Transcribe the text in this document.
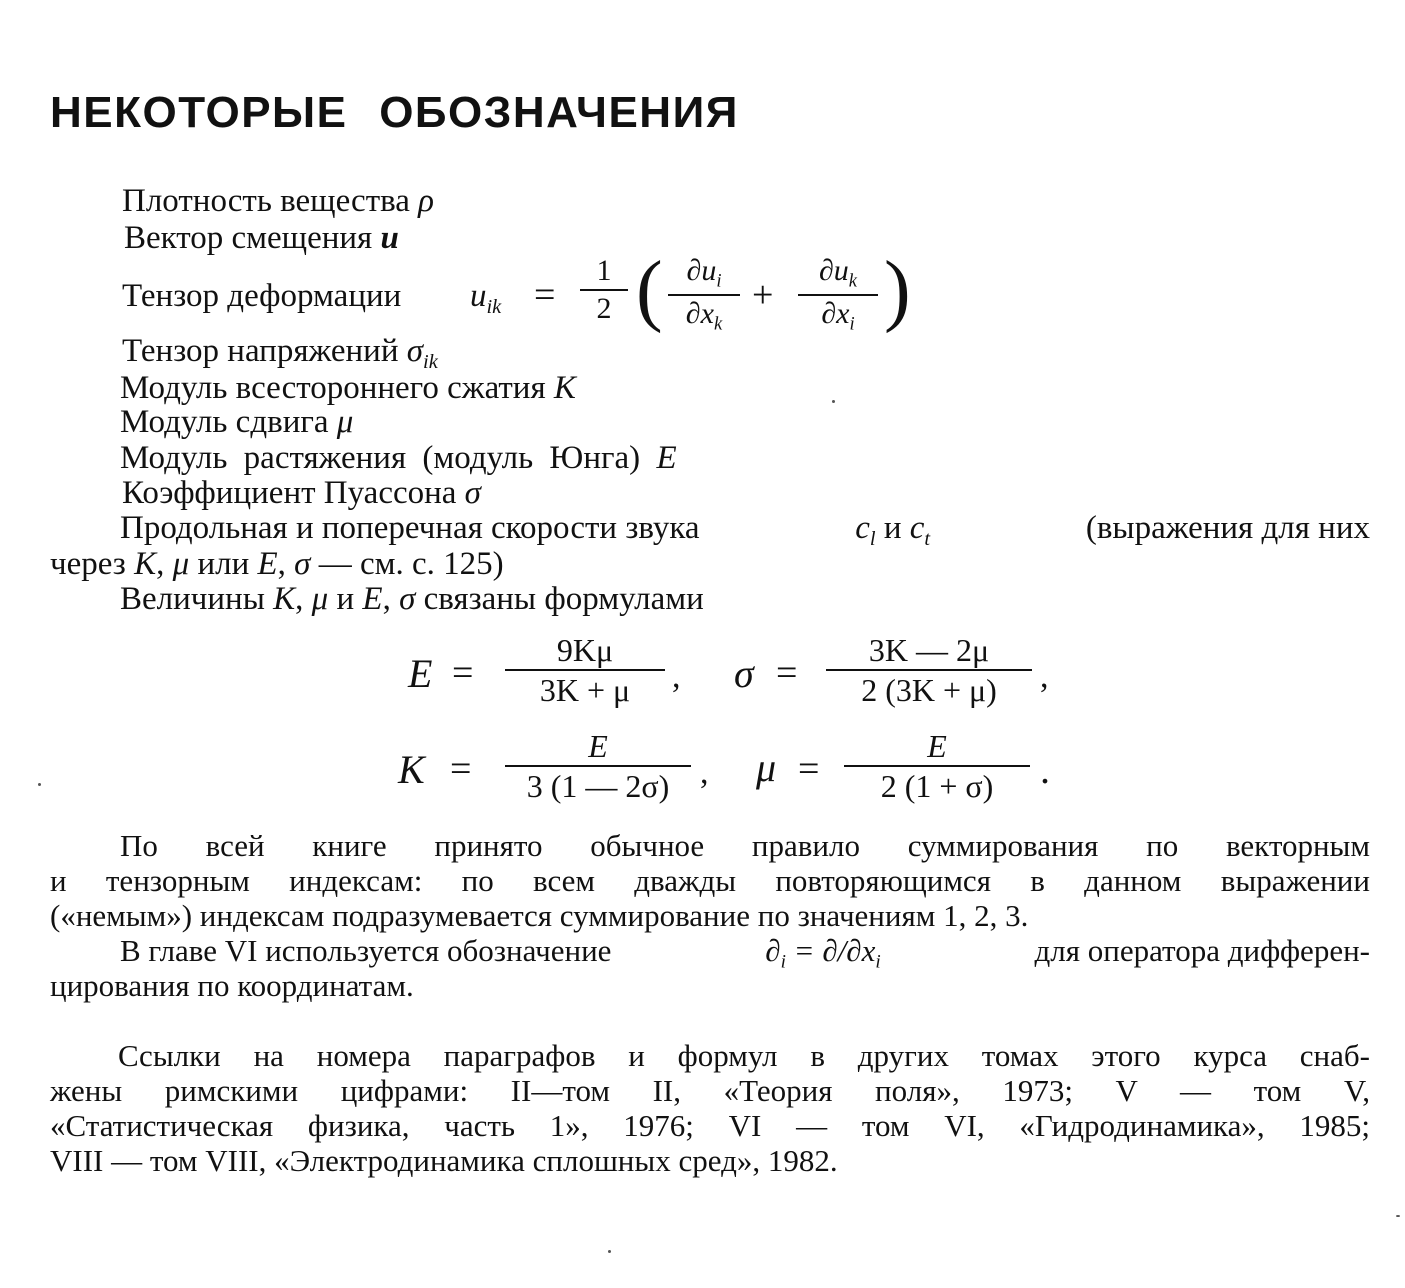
НЕКОТОРЫЕ ОБОЗНАЧЕНИЯ
Плотность вещества ρ
Вектор смещения u
Тензор деформации $u_{ik}$ =
1
2 ( $\partial u_i$
$\partial x_k$
+
$\partial u_k$
$\partial x_i$ )
Тензор напряжений $\sigma_{ik}$
Модуль всестороннего сжатия K
Модуль сдвига μ
Модуль растяжения (модуль Юнга) E
Коэффициент Пуассона σ
Продольная и поперечная скорости звука	$c_l$ и $c_t$	(выражения для них
через K, μ или E, σ — см. с. 125)
Величины K, μ и E, σ связаны формулами
E =
9Kμ
3K + μ	, σ =
3K — 2μ
2 (3K + μ)	,
K =
E
3 (1 — 2σ) , μ =
E
2 (1 + σ)	.
По всей книге принято обычное правило суммирования по векторным
и тензорным индексам: по всем дважды повторяющимся в данном выражении
(«немым») индексам подразумевается суммирование по значениям 1, 2, 3.
В главе VI используется обозначение	$\partial_i = \partial/\partial x_i$	для оператора дифферен-
цирования по координатам.
Ссылки на номера параграфов и формул в других томах этого курса снаб-
жены римскими цифрами: II—том II, «Теория поля», 1973; V — том V,
«Статистическая физика, часть 1», 1976; VI — том VI, «Гидродинамика», 1985;
VIII — том VIII, «Электродинамика сплошных сред», 1982.
